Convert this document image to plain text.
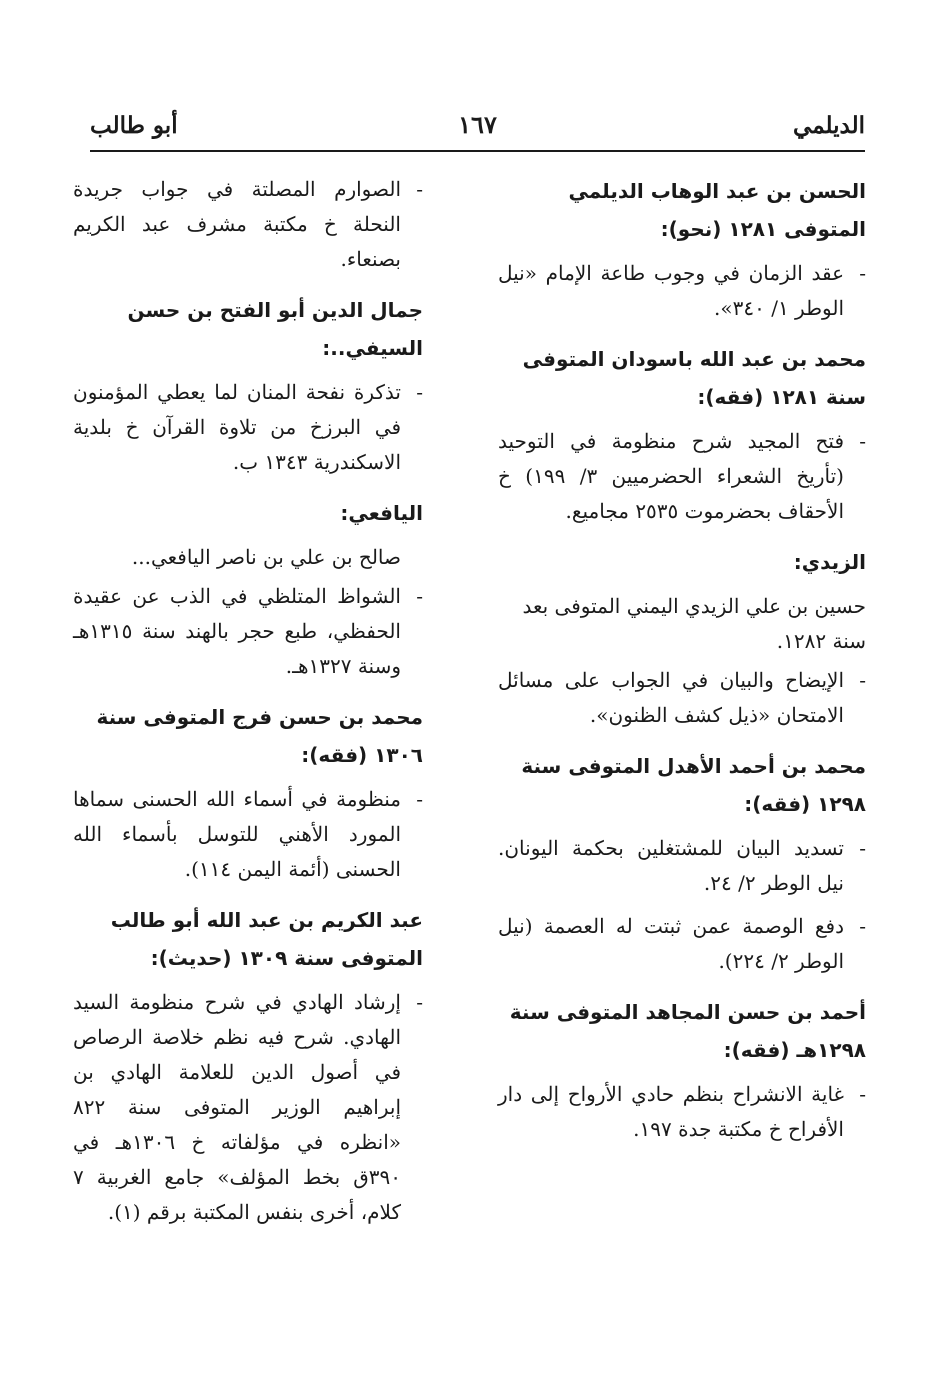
الديلمي
١٦٧
أبو طالب
الحسن بن عبد الوهاب الديلمي المتوفى ١٢٨١ (نحو):
-
عقد الزمان في وجوب طاعة الإمام «نيل الوطر ١/ ٣٤٠».
محمد بن عبد الله باسودان المتوفى سنة ١٢٨١ (فقه):
-
فتح المجيد شرح منظومة في التوحيد (تأريخ الشعراء الحضرميين ٣/ ١٩٩) خ الأحقاف بحضرموت ٢٥٣٥ مجاميع.
الزيدي:
حسين بن علي الزيدي اليمني المتوفى بعد سنة ١٢٨٢.
-
الإيضاح والبيان في الجواب على مسائل الامتحان «ذيل كشف الظنون».
محمد بن أحمد الأهدل المتوفى سنة ١٢٩٨ (فقه):
-
تسديد البيان للمشتغلين بحكمة اليونان. نيل الوطر ٢/ ٢٤.
-
دفع الوصمة عمن ثبتت له العصمة (نيل الوطر ٢/ ٢٢٤).
أحمد بن حسن المجاهد المتوفى سنة ١٢٩٨هـ (فقه):
-
غاية الانشراح بنظم حادي الأرواح إلى دار الأفراح خ مكتبة جدة ١٩٧.
-
الصوارم المصلتة في جواب جريدة النحلة خ مكتبة مشرف عبد الكريم بصنعاء.
جمال الدين أبو الفتح بن حسن السيفي..:
-
تذكرة نفحة المنان لما يعطي المؤمنون في البرزخ من تلاوة القرآن خ بلدية الاسكندرية ١٣٤٣ ب.
اليافعي:
صالح بن علي بن ناصر اليافعي...
-
الشواظ المتلظي في الذب عن عقيدة الحفظي، طبع حجر بالهند سنة ١٣١٥هـ وسنة ١٣٢٧هـ.
محمد بن حسن فرج المتوفى سنة ١٣٠٦ (فقه):
-
منظومة في أسماء الله الحسنى سماها المورد الأهني للتوسل بأسماء الله الحسنى (أئمة اليمن ١١٤).
عبد الكريم بن عبد الله أبو طالب المتوفى سنة ١٣٠٩ (حديث):
-
إرشاد الهادي في شرح منظومة السيد الهادي. شرح فيه نظم خلاصة الرصاص في أصول الدين للعلامة الهادي بن إبراهيم الوزير المتوفى سنة ٨٢٢ «انظره في مؤلفاته خ ١٣٠٦هـ في ٣٩٠ق بخط المؤلف» جامع الغربية ٧ كلام، أخرى بنفس المكتبة برقم (١).
